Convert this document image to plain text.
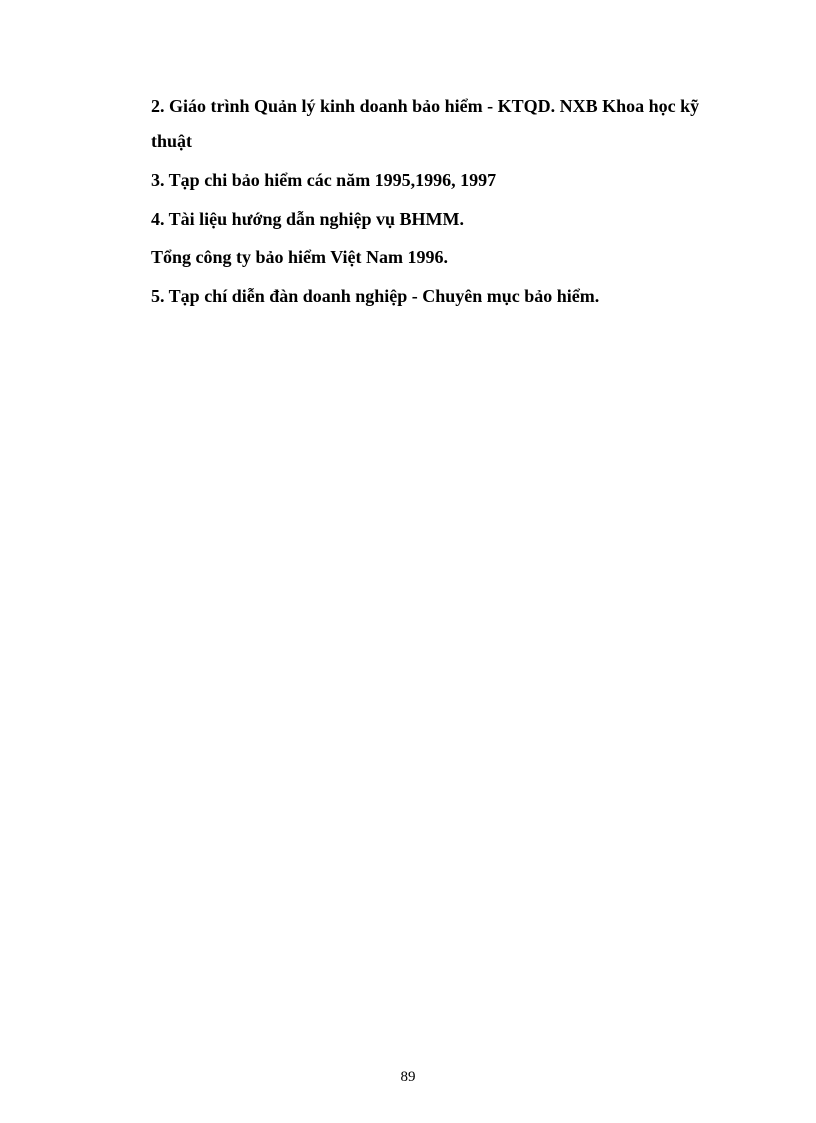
2. Giáo trình Quản lý kinh doanh bảo hiểm - KTQD. NXB Khoa học kỹ

thuật

3. Tạp chi bảo hiểm các năm 1995,1996, 1997

4. Tài liệu hướng dẫn nghiệp vụ BHMM.

Tổng công ty bảo hiểm Việt Nam 1996.

5. Tạp chí diễn đàn doanh nghiệp - Chuyên mục bảo hiểm.

89
